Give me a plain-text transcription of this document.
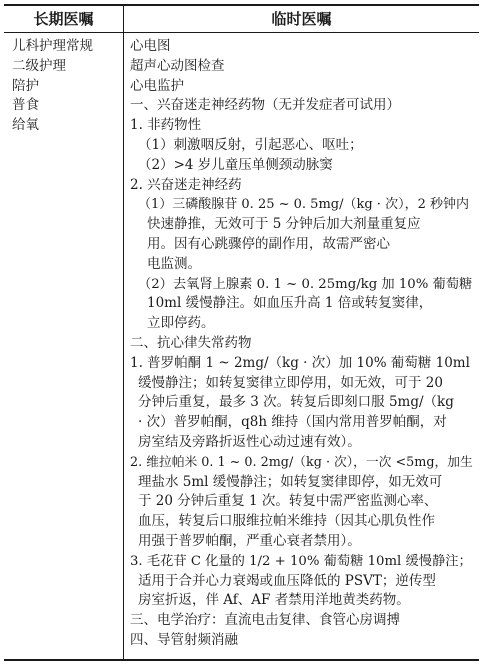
长期医嘱	临时医嘱
儿科护理常规
二级护理
陪护
普食
给氧
心电图
超声心动图检查
心电监护
一、兴奋迷走神经药物（无并发症者可试用）
1. 非药物性
（1）刺激咽反射，引起恶心、呕吐；
（2）>4 岁儿童压单侧颈动脉窦
2. 兴奋迷走神经药
（1）三磷酸腺苷 0. 25 ~ 0. 5mg/（kg · 次），2 秒钟内
快速静推，无效可于 5 分钟后加大剂量重复应
用。因有心跳骤停的副作用，故需严密心
电监测。
（2）去氧肾上腺素 0. 1 ~ 0. 25mg/kg 加 10% 葡萄糖
10ml 缓慢静注。如血压升高 1 倍或转复窦律，
立即停药。
二、抗心律失常药物
1. 普罗帕酮 1 ~ 2mg/（kg · 次）加 10% 葡萄糖 10ml
缓慢静注；如转复窦律立即停用，如无效，可于 20
分钟后重复，最多 3 次。转复后即刻口服 5mg/（kg
· 次）普罗帕酮，q8h 维持（国内常用普罗帕酮，对
房室结及旁路折返性心动过速有效）。
2. 维拉帕米 0. 1 ~ 0. 2mg/（kg · 次），一次 <5mg，加生
理盐水 5ml 缓慢静注；如转复窦律即停，如无效可
于 20 分钟后重复 1 次。转复中需严密监测心率、
血压，转复后口服维拉帕米维持（因其心肌负性作
用强于普罗帕酮，严重心衰者禁用）。
3. 毛花苷 C 化量的 1/2 + 10% 葡萄糖 10ml 缓慢静注；
适用于合并心力衰竭或血压降低的 PSVT；逆传型
房室折返，伴 Af、AF 者禁用洋地黄类药物。
三、电学治疗：直流电击复律、食管心房调搏
四、导管射频消融
